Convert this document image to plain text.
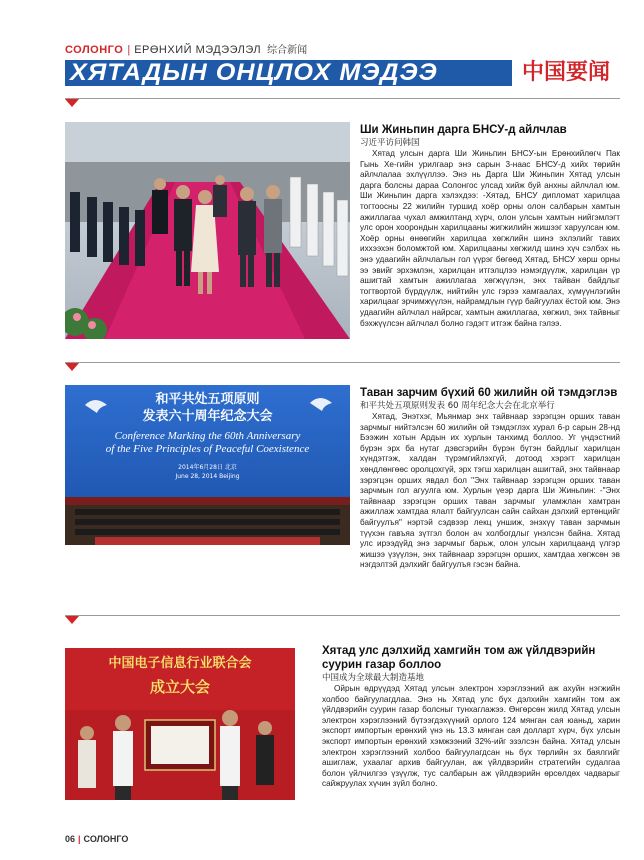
СОЛОНГО | ЕРӨНХИЙ МЭДЭЭЛЭЛ 综合新闻
ХЯТАДЫН ОНЦЛОХ МЭДЭЭ	中国要闻
Ши Жиньпин дарга БНСУ-д айлчлав
习近平访问韩国
Хятад улсын дарга Ши Жиньпин БНСУ-ын Ерөнхийлөгч Пак Гынь Хе-гийн урилгаар энэ сарын 3-наас БНСУ-д хийх төрийн айлчлалаа эхлүүллээ. Энэ нь Дарга Ши Жиньпин Хятад улсын дарга болсны дараа Солонгос улсад хийж буй анхны айлчлал юм. Ши Жиньпин дарга хэлэхдээ: -Хятад, БНСУ дипломат харилцаа тогтоосны 22 жилийн туршид хоёр орны олон салбарын хамтын ажиллагаа чухал амжилтанд хүрч, олон улсын хамтын нийгэмлэгт улс орон хоорондын харилцааны жигжилийн жишээг харуулсан юм. Хоёр орны өнөөгийн харилцаа хөгжлийн шинэ эхлэлийг тавих иххээхэн боломжтой юм. Харилцааны хөгжилд шинэ хүч сэлбэх нь энэ удаагийн айлчлалын гол үүрэг бөгөөд Хятад, БНСУ хөрш орны ээ эвийг эрхэмлэн, харилцан итгэлцлээ нэмэгдүүлж, харилцан үр ашигтай хамтын ажиллагаа хөгжүүлэн, энх тайван байдлыг тогтвортой бүрдүүлж, нийтийн улс гэрээ хамгаалах, хүмүүнлэгийн харилцааг эрчимжүүлэн, найрамдлын гүүр байгуулах ёстой юм. Энэ удаагийн айлчлал найрсаг, хамтын ажиллагаа, хөгжил, энх тайвныг бэхжүүлсэн айлчлал болно гэдэгт итгэж байна гэлээ.
和平共处五项原则
发表六十周年纪念大会
Conference Marking the 60th Anniversary
of the Five Principles of Peaceful Coexistence
2014年6月28日 北京
June 28, 2014 Beijing
Таван зарчим бүхий 60 жилийн ой тэмдэглэв
和平共处五项原则发表 60 周年纪念大会在北京举行
Хятад, Энэтхэг, Мьянмар энх тайвнаар зэрэгцэн орших таван зарчмыг нийтэлсэн 60 жилийн ой тэмдэглэх хурал 6-р сарын 28-нд Бээжин хотын Ардын их хурлын танхимд боллоо. Уг үндэстний бүрэн эрх ба нутаг дэвсгэрийн бүрэн бүтэн байдлыг харилцан хүндэтгэж, халдан түрэмгийлэхгүй, дотоод хэрэгт харилцан хөндлөнгөөс оролцохгүй, эрх тэгш харилцан ашигтай, энх тайвнаар зэрэгцэн орших явдал бол "Энх тайвнаар зэрэгцэн орших таван зарчмын гол агуулга юм. Хурлын үеэр дарга Ши Жиньпин: -"Энх тайвнаар зэрэгцэн орших таван зарчмыг уламжлан хамтран ажиллаж хамтдаа ялалт байгуулсан сайн сайхан дэлхий ертөнцийг байгуулъя" нэртэй сэдвээр лекц уншиж, энэхүү таван зарчмын түүхэн гавъяа зүтгэл болон ач холбогдлыг үнэлсэн байна. Хятад улс ирээдүйд энэ зарчмыг барьж, олон улсын харилцаанд үлгэр жишээ үзүүлэн, энх тайвнаар зэрэгцэн орших, хамтдаа хөгжсөн эв нэгдэлтэй дэлхийг байгуулъя гэсэн байна.
中国电子信息行业联合会
成立大会
Хятад улс дэлхийд хамгийн том аж үйлдвэрийн суурин газар боллоо
中国成为全球最大制造基地
Ойрын өдрүүдэд Хятад улсын электрон хэрэглээний аж ахуйн нэгжийн холбоо байгуулагдлаа. Энэ нь Хятад улс бүх дэлхийн хамгийн том аж үйлдвэрийн суурин газар болсныг тунхаглажээ. Өнгөрсөн жилд Хятад улсын электрон хэрэглээний бүтээгдэхүүний орлого 124 мянган сая юаньд, харин экспорт импортын ерөнхий үнэ нь 13.3 мянган сая долларт хүрч, бүх улсын экспорт импортын ерөнхий хэмжээний 32%-ийг эзэлсэн байна. Хятад улсын электрон хэрэглээний холбоо байгуулагдсан нь бүх төрлийн эх баялгийг ашиглаж, ухаалаг архив байгуулан, аж үйлдвэрийн стратегийн судалгаа болон үйлчилгээ үзүүлж, тус салбарын аж үйлдвэрийн өрсөлдөх чадварыг сайжруулах хүчин зүйл болно.
06 | СОЛОНГО
